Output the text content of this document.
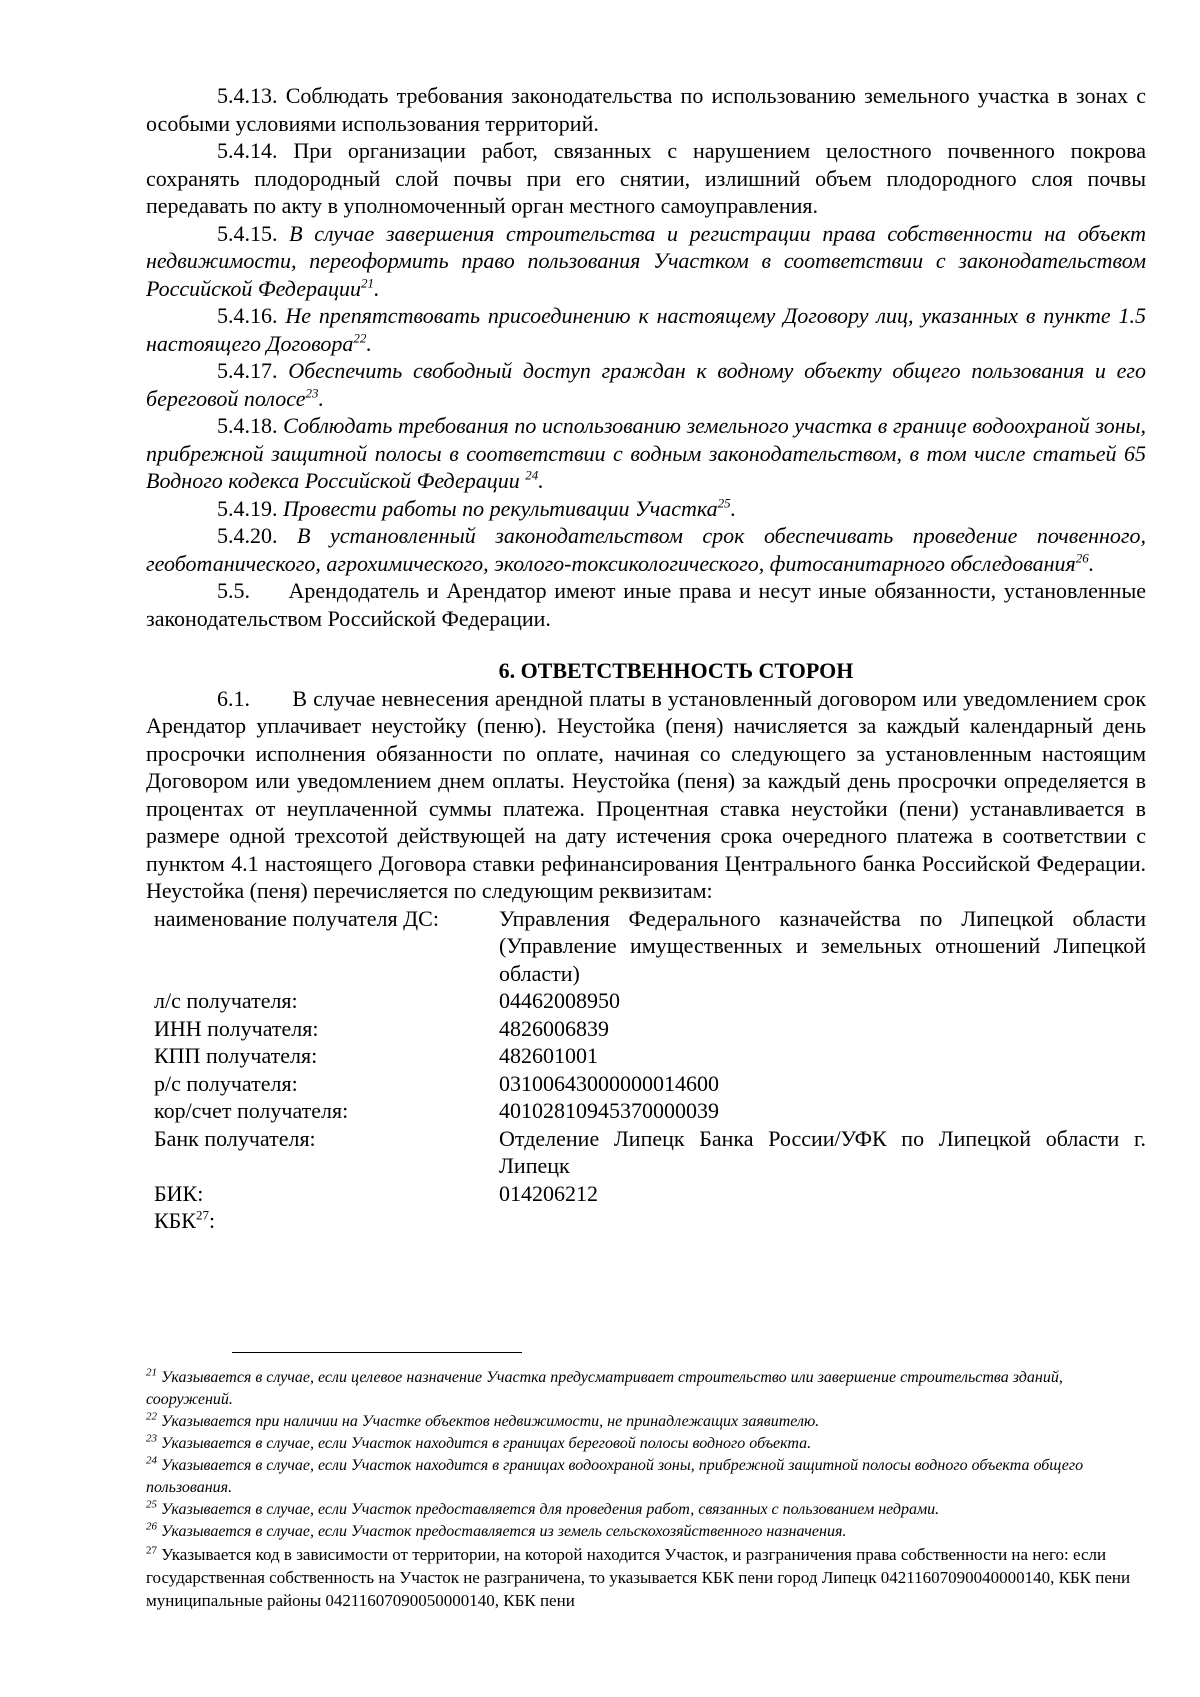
5.4.13. Соблюдать требования законодательства по использованию земельного участка в зонах с особыми условиями использования территорий.

5.4.14. При организации работ, связанных с нарушением целостного почвенного покрова сохранять плодородный слой почвы при его снятии, излишний объем плодородного слоя почвы передавать по акту в уполномоченный орган местного самоуправления.

5.4.15. В случае завершения строительства и регистрации права собственности на объект недвижимости, переоформить право пользования Участком в соответствии с законодательством Российской Федерации$^{21}$.

5.4.16. Не препятствовать присоединению к настоящему Договору лиц, указанных в пункте 1.5 настоящего Договора$^{22}$.

5.4.17. Обеспечить свободный доступ граждан к водному объекту общего пользования и его береговой полосе$^{23}$.

5.4.18. Соблюдать требования по использованию земельного участка в границе водоохраной зоны, прибрежной защитной полосы в соответствии с водным законодательством, в том числе статьей 65 Водного кодекса Российской Федерации $^{24}$.

5.4.19. Провести работы по рекультивации Участка$^{25}$.

5.4.20. В установленный законодательством срок обеспечивать проведение почвенного, геоботанического, агрохимического, эколого-токсикологического, фитосанитарного обследования$^{26}$.

5.5. Арендодатель и Арендатор имеют иные права и несут иные обязанности, установленные законодательством Российской Федерации.

6. ОТВЕТСТВЕННОСТЬ СТОРОН

6.1. В случае невнесения арендной платы в установленный договором или уведомлением срок Арендатор уплачивает неустойку (пеню). Неустойка (пеня) начисляется за каждый календарный день просрочки исполнения обязанности по оплате, начиная со следующего за установленным настоящим Договором или уведомлением днем оплаты. Неустойка (пеня) за каждый день просрочки определяется в процентах от неуплаченной суммы платежа. Процентная ставка неустойки (пени) устанавливается в размере одной трехсотой действующей на дату истечения срока очередного платежа в соответствии с пунктом 4.1 настоящего Договора ставки рефинансирования Центрального банка Российской Федерации. Неустойка (пеня) перечисляется по следующим реквизитам:

наименование получателя ДС:	Управления Федерального казначейства по Липецкой области (Управление имущественных и земельных отношений Липецкой области)
л/с получателя:	04462008950
ИНН получателя:	4826006839
КПП получателя:	482601001
р/с получателя:	03100643000000014600
кор/счет получателя:	40102810945370000039
Банк получателя:	Отделение Липецк Банка России/УФК по Липецкой области г. Липецк
БИК:	014206212
КБК$^{27}$:

$^{21}$ Указывается в случае, если целевое назначение Участка предусматривает строительство или завершение строительства зданий, сооружений.

$^{22}$ Указывается при наличии на Участке объектов недвижимости, не принадлежащих заявителю.

$^{23}$ Указывается в случае, если Участок находится в границах береговой полосы водного объекта.

$^{24}$ Указывается в случае, если Участок находится в границах водоохраной зоны, прибрежной защитной полосы водного объекта общего пользования.

$^{25}$ Указывается в случае, если Участок предоставляется для проведения работ, связанных с пользованием недрами.

$^{26}$ Указывается в случае, если Участок предоставляется из земель сельскохозяйственного назначения.

$^{27}$ Указывается код в зависимости от территории, на которой находится Участок, и разграничения права собственности на него: если государственная собственность на Участок не разграничена, то указывается КБК пени город Липецк 04211607090040000140, КБК пени муниципальные районы 04211607090050000140, КБК пени
